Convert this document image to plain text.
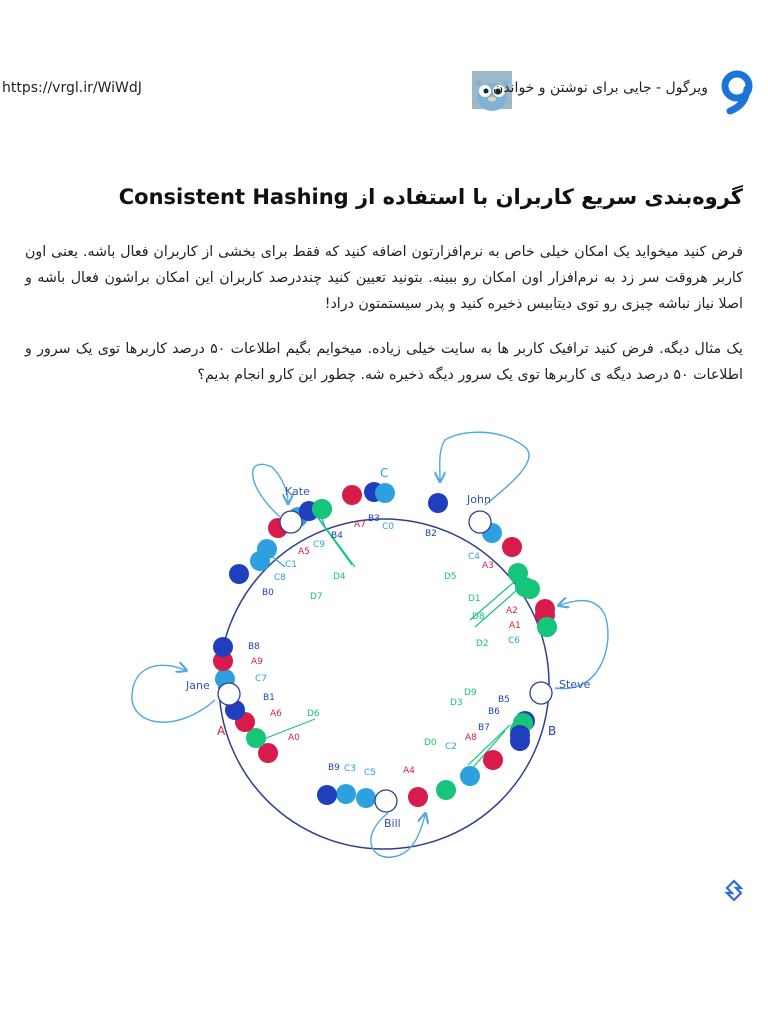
https://vrgl.ir/WiWdJ	ویرگول - جایی برای نوشتن و خواندن
گروه‌بندی سریع کاربران با استفاده از Consistent Hashing
فرض کنید میخواید یک امکان خیلی خاص به نرم‌افزارتون اضافه کنید که فقط برای بخشی از کاربران فعال باشه. یعنی اون کاربر هروقت سر زد به نرم‌افزار اون امکان رو ببینه. بتونید تعیین کنید چنددرصد کاربران این امکان براشون فعال باشه و اصلا نیاز نباشه چیزی رو توی دیتابیس ذخیره کنید و پدر سیستمتون دراد!
یک مثال دیگه. فرض کنید ترافیک کاربر ها به سایت خیلی زیاده. میخوایم بگیم اطلاعات ۵۰ درصد کاربرها توی یک سرور و اطلاعات ۵۰ درصد دیگه ی کاربرها توی یک سرور دیگه ذخیره شه. چطور این کارو انجام بدیم؟
C
B
A
Kate
John
Steve
Bill
Jane
A7
B3
C0
B2
C4
A3
D5
D1
D8
A2
A1
C6
D2
B5
D9
D3
B6
B7
A8
C2
D0
A4
C5
C3
B9
A0
D6
A6
B1
C7
A9
B8
B0
C8
C1
A5
C9
B4
D4
D7
